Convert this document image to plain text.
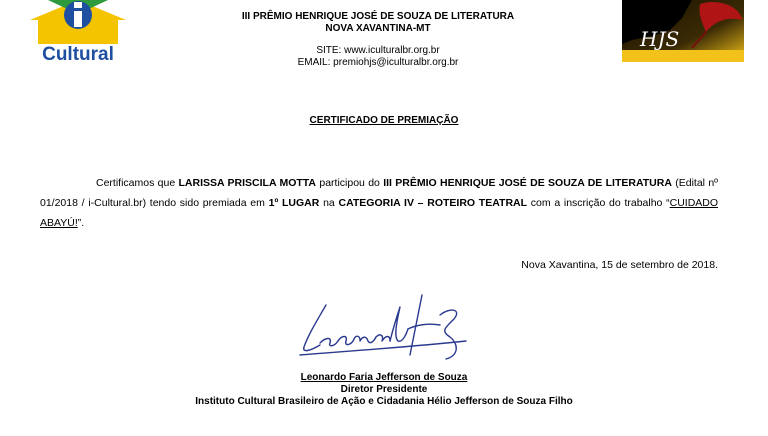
Cultural
HJS
III PRÊMIO HENRIQUE JOSÉ DE SOUZA DE LITERATURA
NOVA XAVANTINA-MT
SITE: www.iculturalbr.org.br
EMAIL: premiohjs@iculturalbr.org.br
CERTIFICADO DE PREMIAÇÃO
Certificamos que LARISSA PRISCILA MOTTA participou do III PRÊMIO HENRIQUE JOSÉ DE SOUZA DE LITERATURA (Edital nº 01/2018 / i-Cultural.br) tendo sido premiada em 1º LUGAR na CATEGORIA IV – ROTEIRO TEATRAL com a inscrição do trabalho “CUIDADO ABAYÚ!”.
Nova Xavantina, 15 de setembro de 2018.
Leonardo Faria Jefferson de Souza
Diretor Presidente
Instituto Cultural Brasileiro de Ação e Cidadania Hélio Jefferson de Souza Filho
